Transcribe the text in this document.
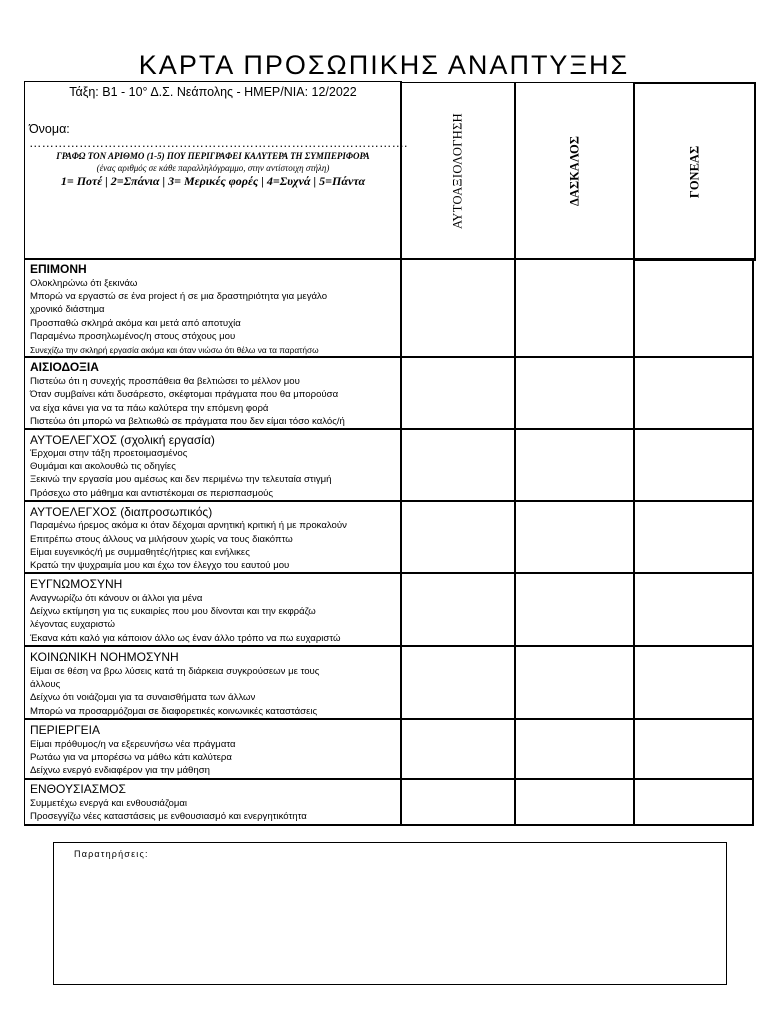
ΚΑΡΤΑ ΠΡΟΣΩΠΙΚΗΣ ΑΝΑΠΤΥΞΗΣ
Τάξη: Β1 - 10° Δ.Σ. Νεάπολης - ΗΜΕΡ/ΝΙΑ: 12/2022
Όνομα: ……………………………………………………………………………….
ΓΡΑΦΩ ΤΟΝ ΑΡΙΘΜΟ (1-5) ΠΟΥ ΠΕΡΙΓΡΑΦΕΙ ΚΑΛΥΤΕΡΑ ΤΗ ΣΥΜΠΕΡΙΦΟΡΑ
(ένας αριθμός σε κάθε παραλληλόγραμμο, στην αντίστοιχη στήλη)
1= Ποτέ | 2=Σπάνια | 3= Μερικές φορές | 4=Συχνά | 5=Πάντα	ΑΥΤΟΑΞΙΟΛΟΓΗΣΗ	ΔΑΣΚΑΛΟΣ	ΓΟΝΕΑΣ
ΕΠΙΜΟΝΗ
Ολοκληρώνω ότι ξεκινάω
Μπορώ να εργαστώ σε ένα project ή σε μια δραστηριότητα για μεγάλο
χρονικό διάστημα
Προσπαθώ σκληρά ακόμα και μετά από αποτυχία
Παραμένω προσηλωμένος/η στους στόχους μου
Συνεχίζω την σκληρή εργασία ακόμα και όταν νιώσω ότι θέλω να τα παρατήσω
ΑΙΣΙΟΔΟΞΙΑ
Πιστεύω ότι η συνεχής προσπάθεια θα βελτιώσει το μέλλον μου
Όταν συμβαίνει κάτι δυσάρεστο, σκέφτομαι πράγματα που θα μπορούσα
να είχα κάνει για να τα πάω καλύτερα την επόμενη φορά
Πιστεύω ότι μπορώ να βελτιωθώ σε πράγματα που δεν είμαι τόσο καλός/ή
ΑΥΤΟΕΛΕΓΧΟΣ (σχολική εργασία)
Έρχομαι στην τάξη προετοιμασμένος
Θυμάμαι και ακολουθώ τις οδηγίες
Ξεκινώ την εργασία μου αμέσως και δεν περιμένω την τελευταία στιγμή
Πρόσεχω στο μάθημα και αντιστέκομαι σε περισπασμούς
ΑΥΤΟΕΛΕΓΧΟΣ (διαπροσωπικός)
Παραμένω ήρεμος ακόμα κι όταν δέχομαι αρνητική κριτική ή με προκαλούν
Επιτρέπω στους άλλους να μιλήσουν χωρίς να τους διακόπτω
Είμαι ευγενικός/ή με συμμαθητές/ήτριες και ενήλικες
Κρατώ την ψυχραιμία μου και έχω τον έλεγχο του εαυτού μου
ΕΥΓΝΩΜΟΣΥΝΗ
Αναγνωρίζω ότι κάνουν οι άλλοι για μένα
Δείχνω εκτίμηση για τις ευκαιρίες που μου δίνονται και την εκφράζω
λέγοντας ευχαριστώ
Έκανα κάτι καλό για κάποιον άλλο ως έναν άλλο τρόπο να πω ευχαριστώ
ΚΟΙΝΩΝΙΚΗ ΝΟΗΜΟΣΥΝΗ
Είμαι σε θέση να βρω λύσεις κατά τη διάρκεια συγκρούσεων με τους
άλλους
Δείχνω ότι νοιάζομαι για τα συναισθήματα των άλλων
Μπορώ να προσαρμόζομαι σε διαφορετικές κοινωνικές καταστάσεις
ΠΕΡΙΕΡΓΕΙΑ
Είμαι πρόθυμος/η να εξερευνήσω νέα πράγματα
Ρωτάω για να μπορέσω να μάθω κάτι καλύτερα
Δείχνω ενεργό ενδιαφέρον για την μάθηση
ΕΝΘΟΥΣΙΑΣΜΟΣ
Συμμετέχω ενεργά και ενθουσιάζομαι
Προσεγγίζω νέες καταστάσεις με ενθουσιασμό και ενεργητικότητα
Παρατηρήσεις:
